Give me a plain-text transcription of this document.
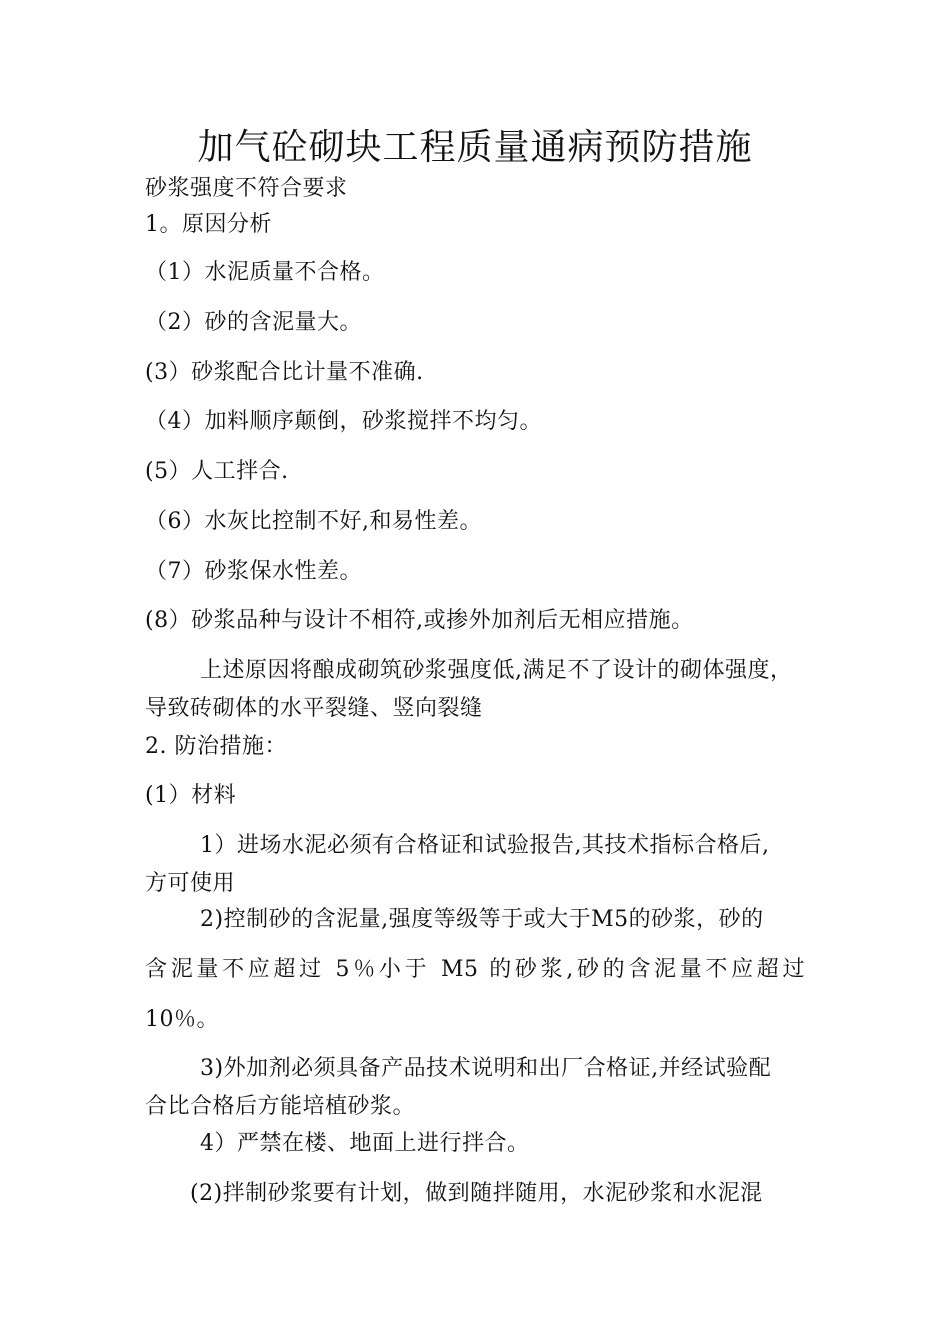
加气砼砌块工程质量通病预防措施
砂浆强度不符合要求
1。原因分析
（1）水泥质量不合格。
（2）砂的含泥量大。
(3）砂浆配合比计量不准确.
（4）加料顺序颠倒，砂浆搅拌不均匀。
(5）人工拌合.
（6）水灰比控制不好,和易性差。
（7）砂浆保水性差。
(8）砂浆品种与设计不相符,或掺外加剂后无相应措施。
上述原因将酿成砌筑砂浆强度低,满足不了设计的砌体强度，
导致砖砌体的水平裂缝、竖向裂缝
2. 防治措施：
(1）材料
1）进场水泥必须有合格证和试验报告,其技术指标合格后,
方可使用
2)控制砂的含泥量,强度等级等于或大于M5的砂浆，砂的
含泥量不应超过 5％小于 M5 的砂浆,砂的含泥量不应超过
10％。
3)外加剂必须具备产品技术说明和出厂合格证,并经试验配
合比合格后方能培植砂浆。
4）严禁在楼、地面上进行拌合。
(2)拌制砂浆要有计划，做到随拌随用，水泥砂浆和水泥混
